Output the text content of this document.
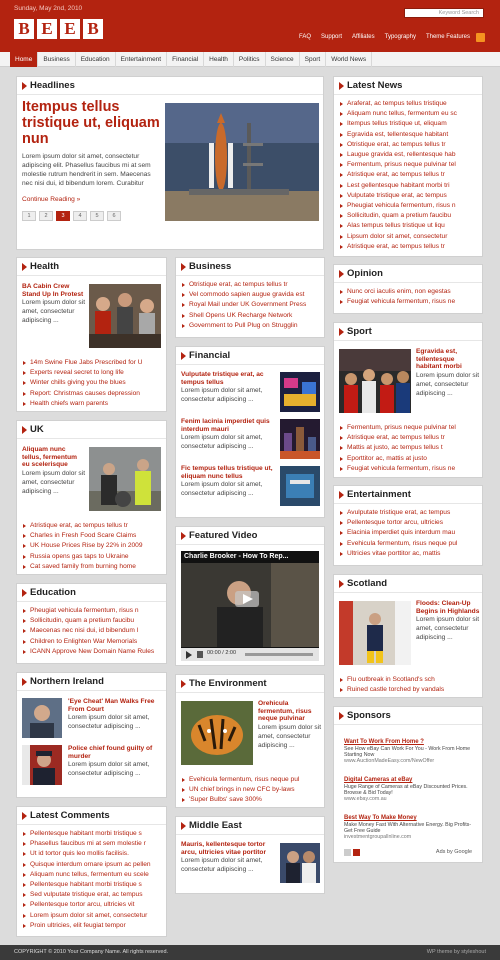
Sunday, May 2nd, 2010
B E E B
Keyword Search
FAQ Support Affiliates Typography Theme Features
Home	Business	Education	Entertainment	Financial	Health	Politics	Science	Sport	World News
Headlines
Itempus tellus tristique ut, eliquam nun
Lorem ipsum dolor sit amet, consectetur adipiscing elit. Phasellus faucibus mi at sem molestie rutrum hendrerit in sem. Maecenas nec nisi dui, id bibendum lorem. Curabitur
Continue Reading »
1	2	3	4	5	6
Health
BA Cabin Crew Stand Up In Protest
Lorem ipsum dolor sit amet, consectetur adipiscing ...
14m Swine Flue Jabs Prescribed for U
Experts reveal secret to long life
Winter chills giving you the blues
Report: Christmas causes depression
Health chiefs warn parents
UK
Aliquam nunc tellus, fermentum eu scelerisque
Lorem ipsum dolor sit amet, consectetur adipiscing ...
Atristique erat, ac tempus tellus tr
Charles in Fresh Food Scare Claims
UK House Prices Rise by 22% in 2009
Russia opens gas taps to Ukraine
Cat saved family from burning home
Education
Pheugiat vehicula fermentum, risus n
Sollicitudin, quam a pretium faucibu
Maecenas nec nisi dui, id bibendum l
Children to Enlighten War Memorials
ICANN Approve New Domain Name Rules
Northern Ireland
'Eye Cheat' Man Walks Free From Court
Lorem ipsum dolor sit amet, consectetur adipiscing ...
Police chief found guilty of murder
Lorem ipsum dolor sit amet, consectetur adipiscing ...
Latest Comments
Pellentesque habitant morbi tristique s
Phasellus faucibus mi at sem molestie r
Ut id tortor quis leo mollis facilisis.
Quisque interdum ornare ipsum ac pellen
Aliquam nunc tellus, fermentum eu scele
Pellentesque habitant morbi tristique s
Sed vulputate tristique erat, ac tempus
Pellentesque tortor arcu, ultricies vit
Lorem ipsum dolor sit amet, consectetur
Proin ultricies, elit feugiat tempor
Business
Otristique erat, ac tempus tellus tr
Vel commodo sapien augue gravida est
Royal Mail under UK Government Press
Shell Opens UK Recharge Network
Government to Pull Plug on Strugglin
Financial
Vulputate tristique erat, ac tempus tellus
Lorem ipsum dolor sit amet, consectetur adipiscing ...
Fenim lacinia imperdiet quis interdum mauri
Lorem ipsum dolor sit amet, consectetur adipiscing ...
Fic tempus tellus tristique ut, eliquam nunc tellus
Lorem ipsum dolor sit amet, consectetur adipiscing ...
Featured Video
Charlie Brooker - How To Rep...
00:00 / 2:00
The Environment
Orehicula fermentum, risus neque pulvinar
Lorem ipsum dolor sit amet, consectetur adipiscing ...
Evehicula fermentum, risus neque pul
UN chief brings in new CFC by-laws
'Super Bulbs' save 300%
Middle East
Mauris, kellentesque tortor arcu, ultricies vitae portitor
Lorem ipsum dolor sit amet, consectetur adipiscing ...
Latest News
Araferat, ac tempus tellus tristique
Aliquam nunc tellus, fermentum eu sc
Itempus tellus tristique ut, eliquam
Egravida est, tellentesque habitant
Otristique erat, ac tempus tellus tr
Laugue gravida est, rellentesque hab
Fermentum, prisus neque pulvinar tel
Atristique erat, ac tempus tellus tr
Lest gellentesque habitant morbi tri
Vulputate tristique erat, ac tempus
Pheugiat vehicula fermentum, risus n
Sollicitudin, quam a pretium faucibu
Alas tempus tellus tristique ut liqu
Lipsum dolor sit amet, consectetur
Atristique erat, ac tempus tellus tr
Opinion
Nunc orci iaculis enim, non egestas
Feugiat vehicula fermentum, risus ne
Sport
Egravida est, tellentesque habitant morbi
Lorem ipsum dolor sit amet, consectetur adipiscing ...
Fermentum, prisus neque pulvinar tel
Atristique erat, ac tempus tellus tr
Mattis at justo, ac tempus tellus t
Eporttitor ac, mattis at justo
Feugiat vehicula fermentum, risus ne
Entertainment
Avulputate tristique erat, ac tempus
Pellentesque tortor arcu, ultricies
Elacinia imperdiet quis interdum mau
Evehicula fermentum, risus neque pul
Ultricies vitae porttitor ac, mattis
Scotland
Floods: Clean-Up Begins in Highlands
Lorem ipsum dolor sit amet, consectetur adipiscing ...
Flu outbreak in Scotland's sch
Ruined castle torched by vandals
Sponsors
Want To Work From Home ?
See How eBay Can Work For You - Work From Home Starting Now
www.AuctionMadeEasy.com/NewOffer
Digital Cameras at eBay
Huge Range of Cameras at eBay Discounted Prices. Browse & Bid Today!
www.ebay.com.au
Best Way To Make Money
Make Money Fast With Alternative Energy. Big Profits- Get Free Guide
investmentgroupallnline.com
Ads by Google
COPYRIGHT © 2010 Your Company Name. All rights reserved.	WP theme by styleshout
